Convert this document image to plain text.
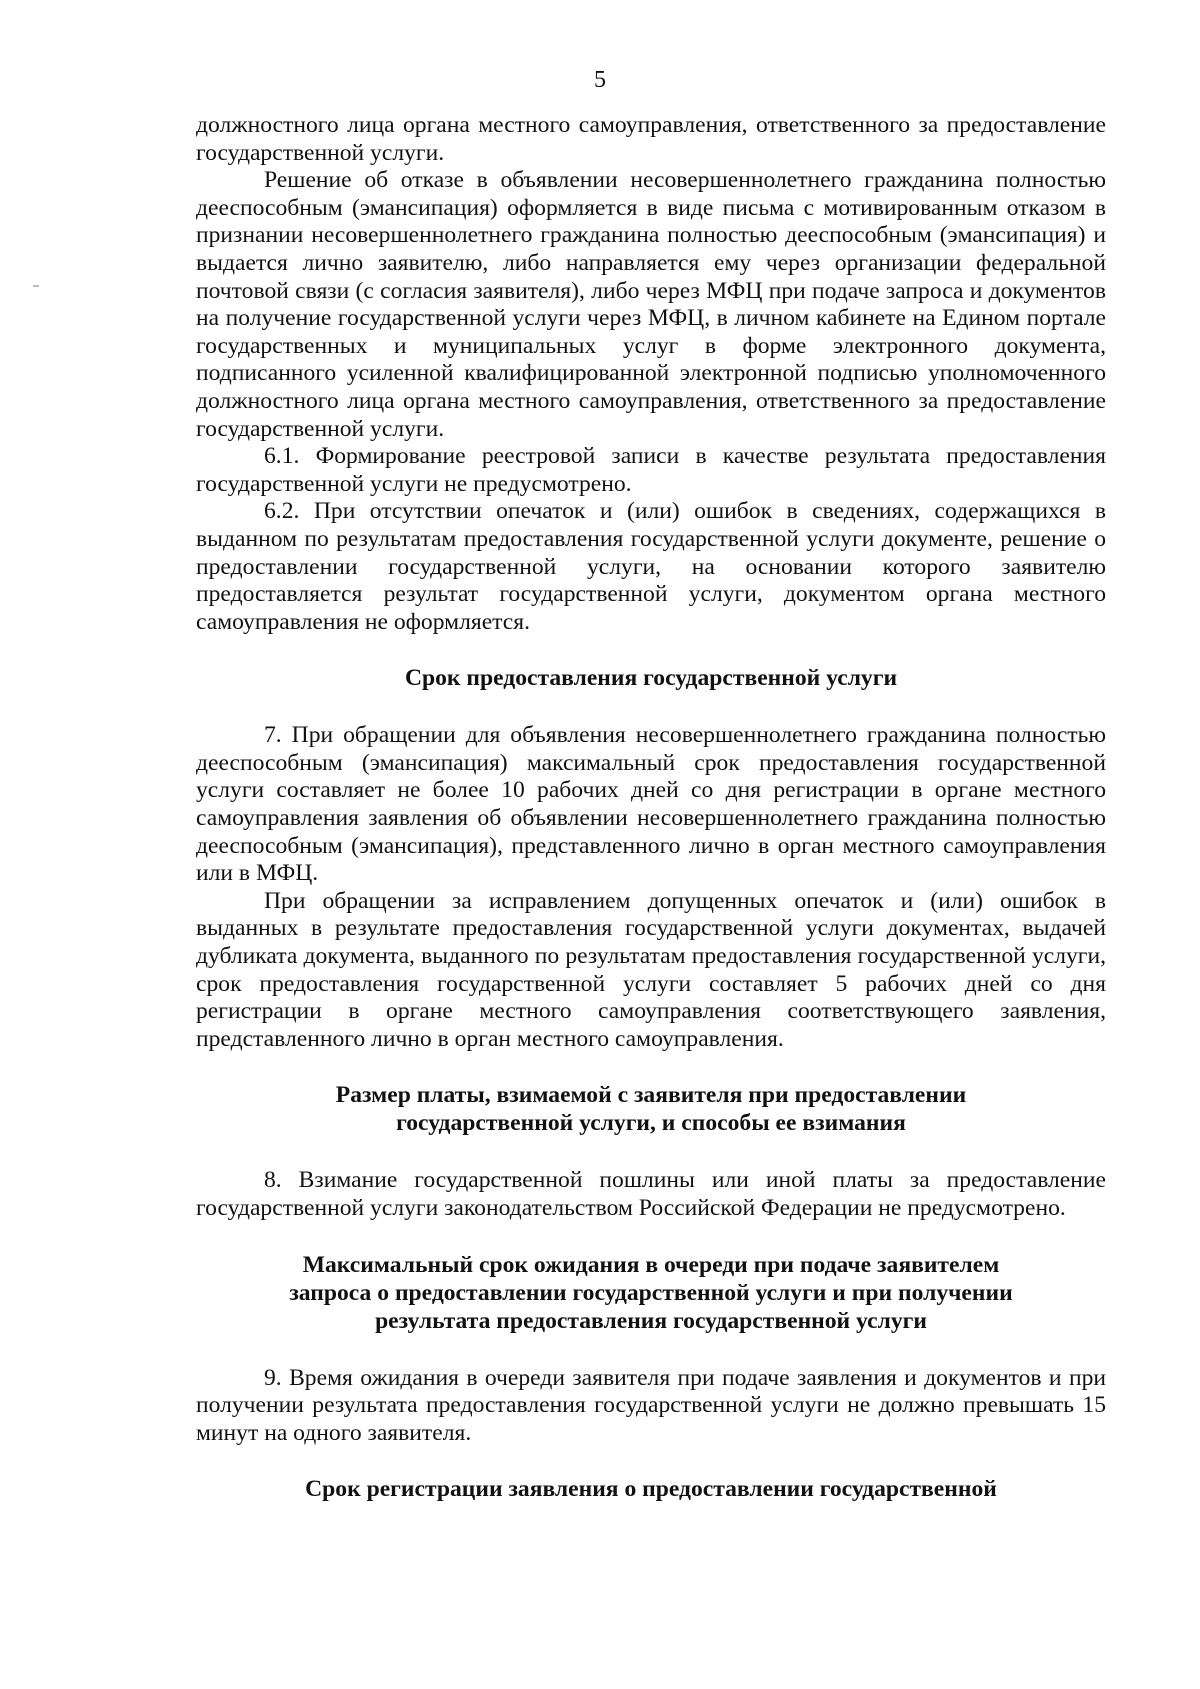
5

должностного лица органа местного самоуправления, ответственного за предоставление государственной услуги.

Решение об отказе в объявлении несовершеннолетнего гражданина полностью дееспособным (эмансипация) оформляется в виде письма с мотивированным отказом в признании несовершеннолетнего гражданина полностью дееспособным (эмансипация) и выдается лично заявителю, либо направляется ему через организации федеральной почтовой связи (с согласия заявителя), либо через МФЦ при подаче запроса и документов на получение государственной услуги через МФЦ, в личном кабинете на Едином портале государственных и муниципальных услуг в форме электронного документа, подписанного усиленной квалифицированной электронной подписью уполномоченного должностного лица органа местного самоуправления, ответственного за предоставление государственной услуги.

6.1. Формирование реестровой записи в качестве результата предоставления государственной услуги не предусмотрено.

6.2. При отсутствии опечаток и (или) ошибок в сведениях, содержащихся в выданном по результатам предоставления государственной услуги документе, решение о предоставлении государственной услуги, на основании которого заявителю предоставляется результат государственной услуги, документом органа местного самоуправления не оформляется.

Срок предоставления государственной услуги

7. При обращении для объявления несовершеннолетнего гражданина полностью дееспособным (эмансипация) максимальный срок предоставления государственной услуги составляет не более 10 рабочих дней со дня регистрации в органе местного самоуправления заявления об объявлении несовершеннолетнего гражданина полностью дееспособным (эмансипация), представленного лично в орган местного самоуправления или в МФЦ.

При обращении за исправлением допущенных опечаток и (или) ошибок в выданных в результате предоставления государственной услуги документах, выдачей дубликата документа, выданного по результатам предоставления государственной услуги, срок предоставления государственной услуги составляет 5 рабочих дней со дня регистрации в органе местного самоуправления соответствующего заявления, представленного лично в орган местного самоуправления.

Размер платы, взимаемой с заявителя при предоставлении
государственной услуги, и способы ее взимания

8. Взимание государственной пошлины или иной платы за предоставление государственной услуги законодательством Российской Федерации не предусмотрено.

Максимальный срок ожидания в очереди при подаче заявителем
запроса о предоставлении государственной услуги и при получении
результата предоставления государственной услуги

9. Время ожидания в очереди заявителя при подаче заявления и документов и при получении результата предоставления государственной услуги не должно превышать 15 минут на одного заявителя.

Срок регистрации заявления о предоставлении государственной
